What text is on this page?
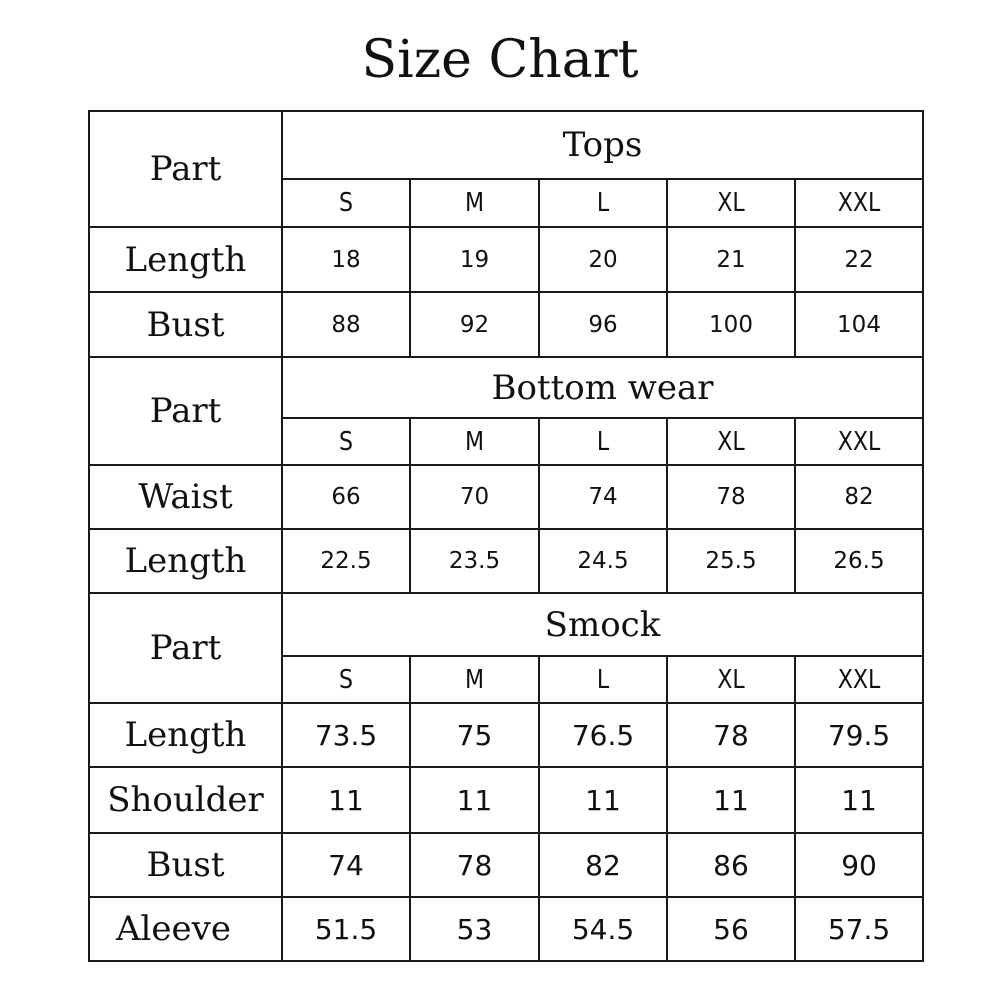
Size Chart
Part	Tops				
	S	M	L	XL	XXL
Length	18	19	20	21	22
Bust	88	92	96	100	104
Part	Bottom wear				
	S	M	L	XL	XXL
Waist	66	70	74	78	82
Length	22.5	23.5	24.5	25.5	26.5
Part	Smock				
	S	M	L	XL	XXL
Length	73.5	75	76.5	78	79.5
Shoulder	11	11	11	11	11
Bust	74	78	82	86	90
Aleeve	51.5	53	54.5	56	57.5
